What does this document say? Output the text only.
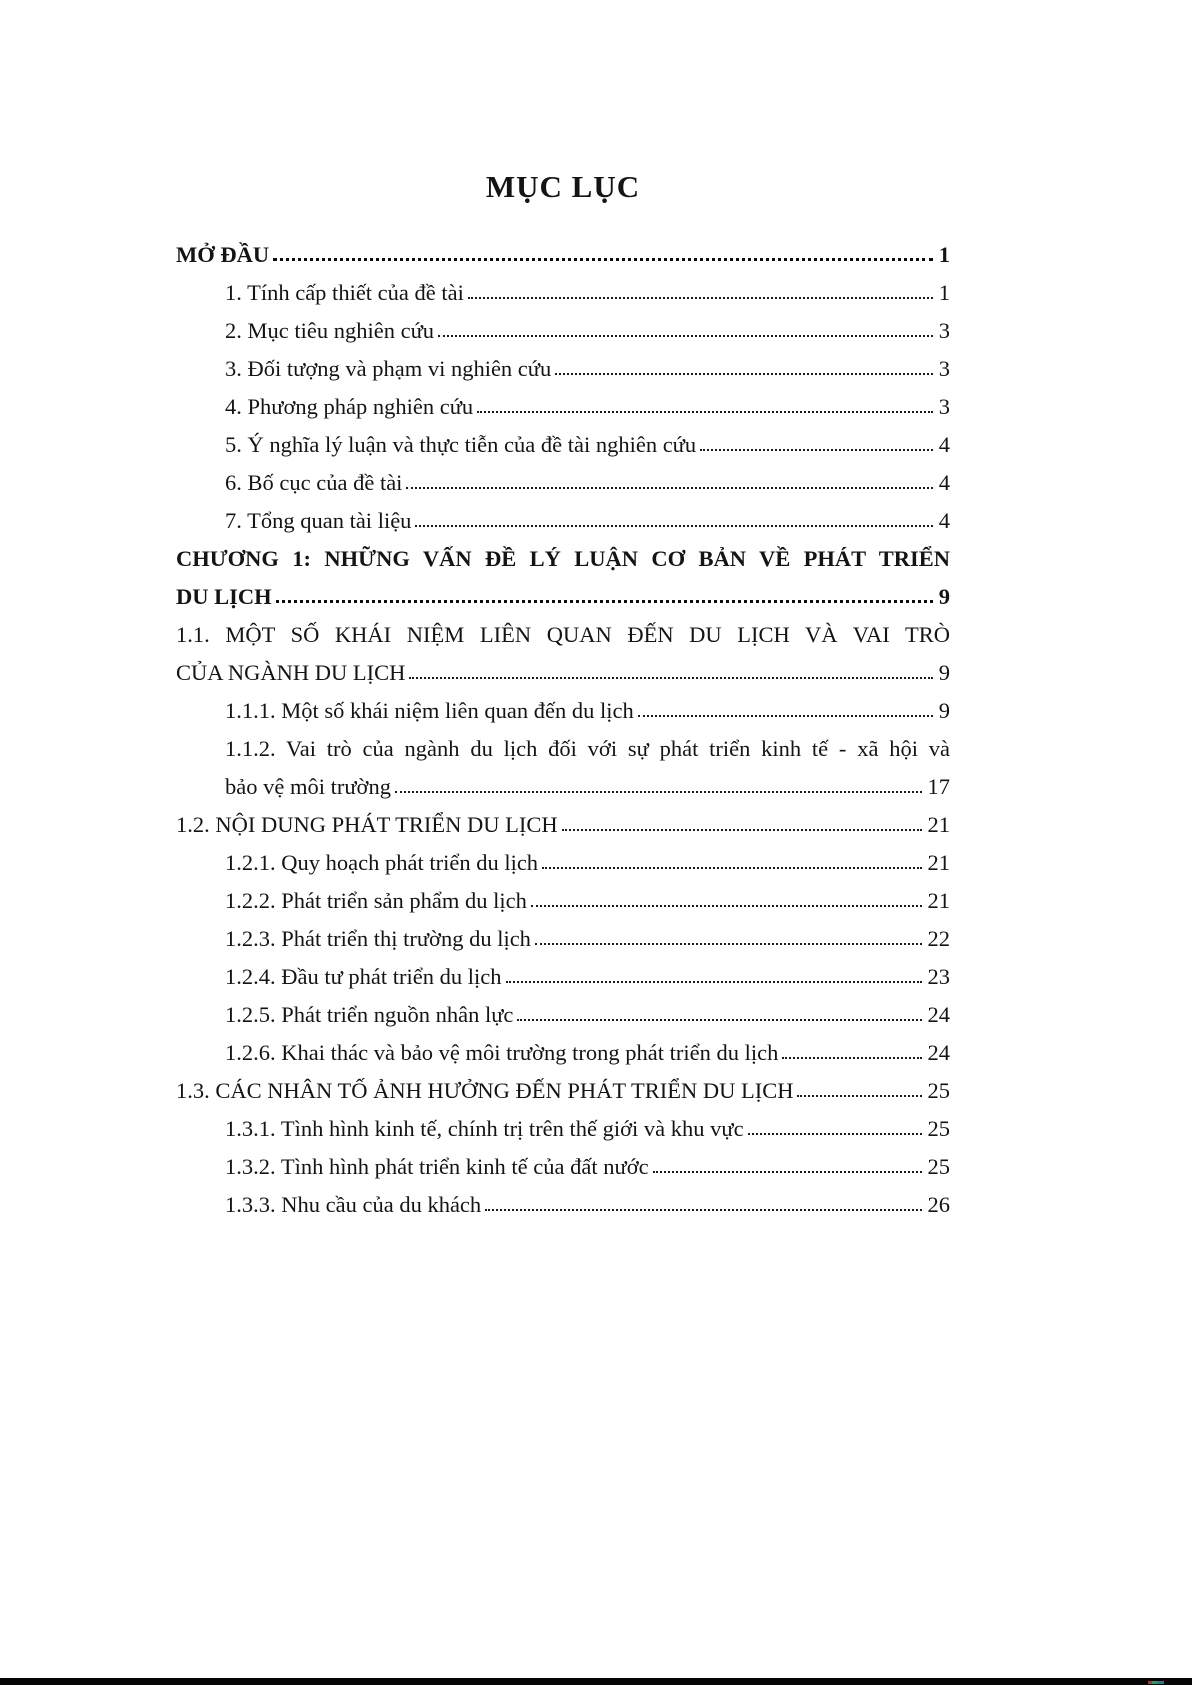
MỤC LỤC
MỞ ĐẦU	1
1. Tính cấp thiết của đề tài	1
2. Mục tiêu nghiên cứu	3
3. Đối tượng và phạm vi nghiên cứu	3
4. Phương pháp nghiên cứu	3
5. Ý nghĩa lý luận và thực tiễn của đề tài nghiên cứu	4
6. Bố cục của đề tài	4
7. Tổng quan tài liệu	4
CHƯƠNG 1: NHỮNG VẤN ĐỀ LÝ LUẬN CƠ BẢN VỀ PHÁT TRIỂN
DU LỊCH	9
1.1. MỘT SỐ KHÁI NIỆM LIÊN QUAN ĐẾN DU LỊCH VÀ VAI TRÒ
CỦA NGÀNH DU LỊCH	9
1.1.1. Một số khái niệm liên quan đến du lịch	9
1.1.2. Vai trò của ngành du lịch đối với sự phát triển kinh tế - xã hội và
bảo vệ môi trường	17
1.2. NỘI DUNG PHÁT TRIỂN DU LỊCH	21
1.2.1. Quy hoạch phát triển du lịch	21
1.2.2. Phát triển sản phẩm du lịch	21
1.2.3. Phát triển thị trường du lịch	22
1.2.4. Đầu tư phát triển du lịch	23
1.2.5. Phát triển nguồn nhân lực	24
1.2.6. Khai thác và bảo vệ môi trường trong phát triển du lịch	24
1.3. CÁC NHÂN TỐ ẢNH HƯỞNG ĐẾN PHÁT TRIỂN DU LỊCH	25
1.3.1. Tình hình kinh tế, chính trị trên thế giới và khu vực	25
1.3.2. Tình hình phát triển kinh tế của đất nước	25
1.3.3. Nhu cầu của du khách	26
